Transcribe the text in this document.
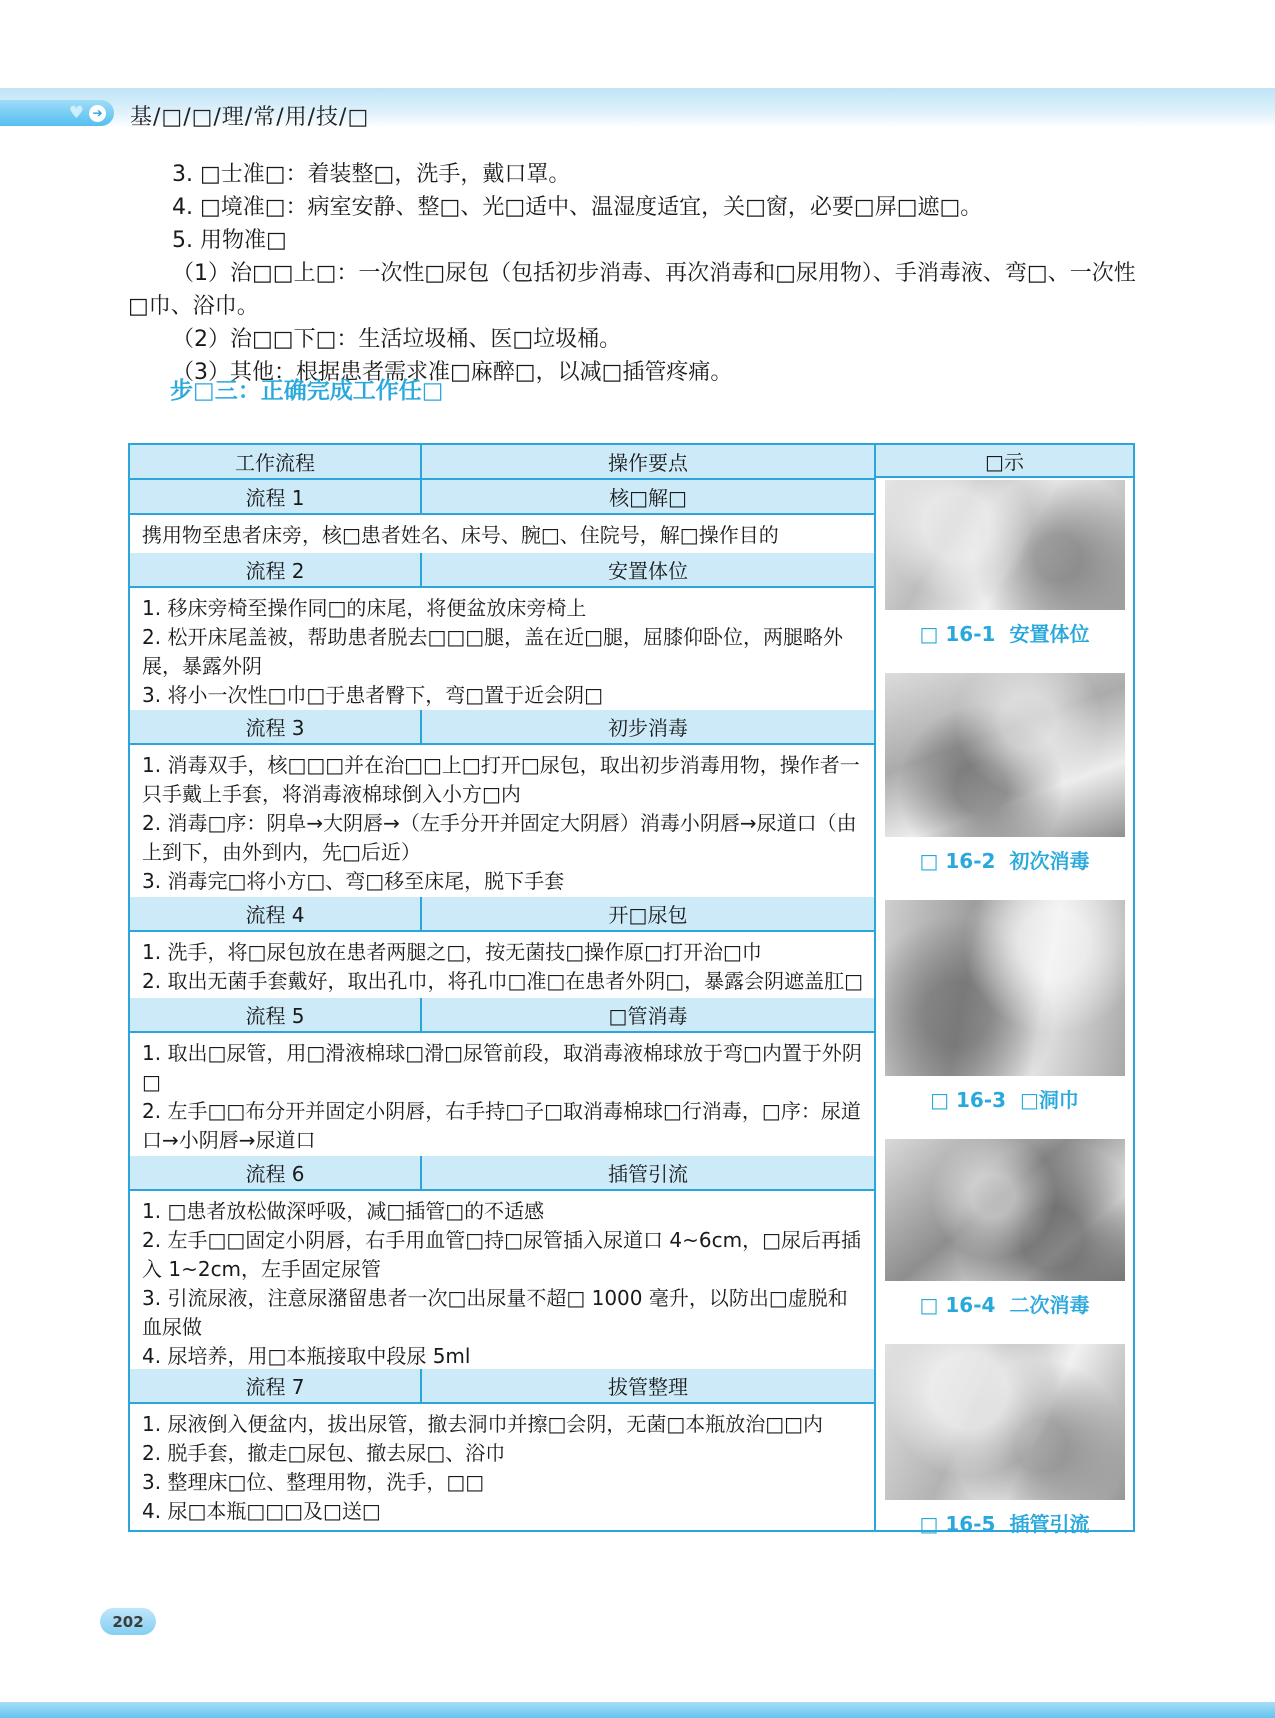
♥ ➔ 基/□/□/理/常/用/技/□

3. □士准□：着装整□，洗手，戴口罩。

4. □境准□：病室安静、整□、光□适中、温湿度适宜，关□窗，必要□屏□遮□。

5. 用物准□

（1）治□□上□：一次性□尿包（包括初步消毒、再次消毒和□尿用物）、手消毒液、弯□、一次性□巾、浴巾。

（2）治□□下□：生活垃圾桶、医□垃圾桶。

（3）其他：根据患者需求准□麻醉□，以减□插管疼痛。

步□三：正确完成工作任□
工作流程	操作要点
流程 1	核□解□

携用物至患者床旁，核□患者姓名、床号、腕□、住院号，解□操作目的

流程 2	安置体位

1. 移床旁椅至操作同□的床尾，将便盆放床旁椅上

2. 松开床尾盖被，帮助患者脱去□□□腿，盖在近□腿，屈膝仰卧位，两腿略外展，暴露外阴

3. 将小一次性□巾□于患者臀下，弯□置于近会阴□

流程 3	初步消毒

1. 消毒双手，核□□□并在治□□上□打开□尿包，取出初步消毒用物，操作者一只手戴上手套，将消毒液棉球倒入小方□内

2. 消毒□序：阴阜→大阴唇→（左手分开并固定大阴唇）消毒小阴唇→尿道口（由上到下，由外到内，先□后近）

3. 消毒完□将小方□、弯□移至床尾，脱下手套

流程 4	开□尿包

1. 洗手，将□尿包放在患者两腿之□，按无菌技□操作原□打开治□巾

2. 取出无菌手套戴好，取出孔巾，将孔巾□准□在患者外阴□，暴露会阴遮盖肛□

流程 5	□管消毒

1. 取出□尿管，用□滑液棉球□滑□尿管前段，取消毒液棉球放于弯□内置于外阴□

2. 左手□□布分开并固定小阴唇，右手持□子□取消毒棉球□行消毒，□序：尿道口→小阴唇→尿道口

流程 6	插管引流

1. □患者放松做深呼吸，减□插管□的不适感

2. 左手□□固定小阴唇，右手用血管□持□尿管插入尿道口 4~6cm，□尿后再插入 1~2cm，左手固定尿管

3. 引流尿液，注意尿潴留患者一次□出尿量不超□ 1000 毫升，以防出□虚脱和血尿做

4. 尿培养，用□本瓶接取中段尿 5ml

流程 7	拔管整理

1. 尿液倒入便盆内，拔出尿管，撤去洞巾并擦□会阴，无菌□本瓶放治□□内

2. 脱手套，撤走□尿包、撤去尿□、浴巾

3. 整理床□位、整理用物，洗手，□□

4. 尿□本瓶□□□及□送□

□示
□ 16-1 安置体位
□ 16-2 初次消毒
□ 16-3 □洞巾
□ 16-4 二次消毒
□ 16-5 插管引流
202
